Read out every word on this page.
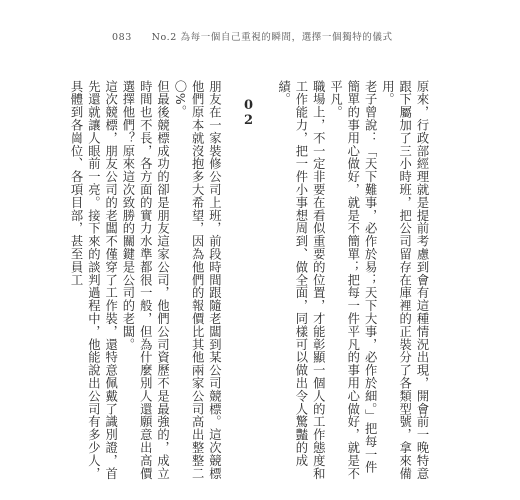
083 No.2 為每一個自己重視的瞬間，選擇一個獨特的儀式

原來，行政部經理就是提前考慮到會有這種情況出現，開會前一晚特意跟下屬加了三小時班，把公司留存在庫裡的正裝分了各類型號，拿來備用。

老子曾說：「天下難事，必作於易；天下大事，必作於細。」把每一件簡單的事用心做好，就是不簡單；把每一件平凡的事用心做好，就是不平凡。

職場上，不一定非要在看似重要的位置，才能彰顯一個人的工作態度和工作能力，把一件小事想周到、做全面，同樣可以做出令人驚豔的成績。

02

朋友在一家裝修公司上班，前段時間跟隨老闆到某公司競標。這次競標他們原本就沒抱多大希望，因為他們的報價比其他兩家公司高出整整二〇%。

但最後競標成功的卻是朋友這家公司，他們公司資歷不是最強的，成立時間也不長，各方面的實力水準都很一般，但為什麼別人還願意出高價選擇他們？原來這次致勝的關鍵是公司的老闆。

這次競標，朋友公司的老闆不僅穿了工作裝，還特意佩戴了識別證，首先還就讓人眼前一亮。接下來的談判過程中，他能說出公司有多少人，具體到各崗位、各項目部，甚至員工
